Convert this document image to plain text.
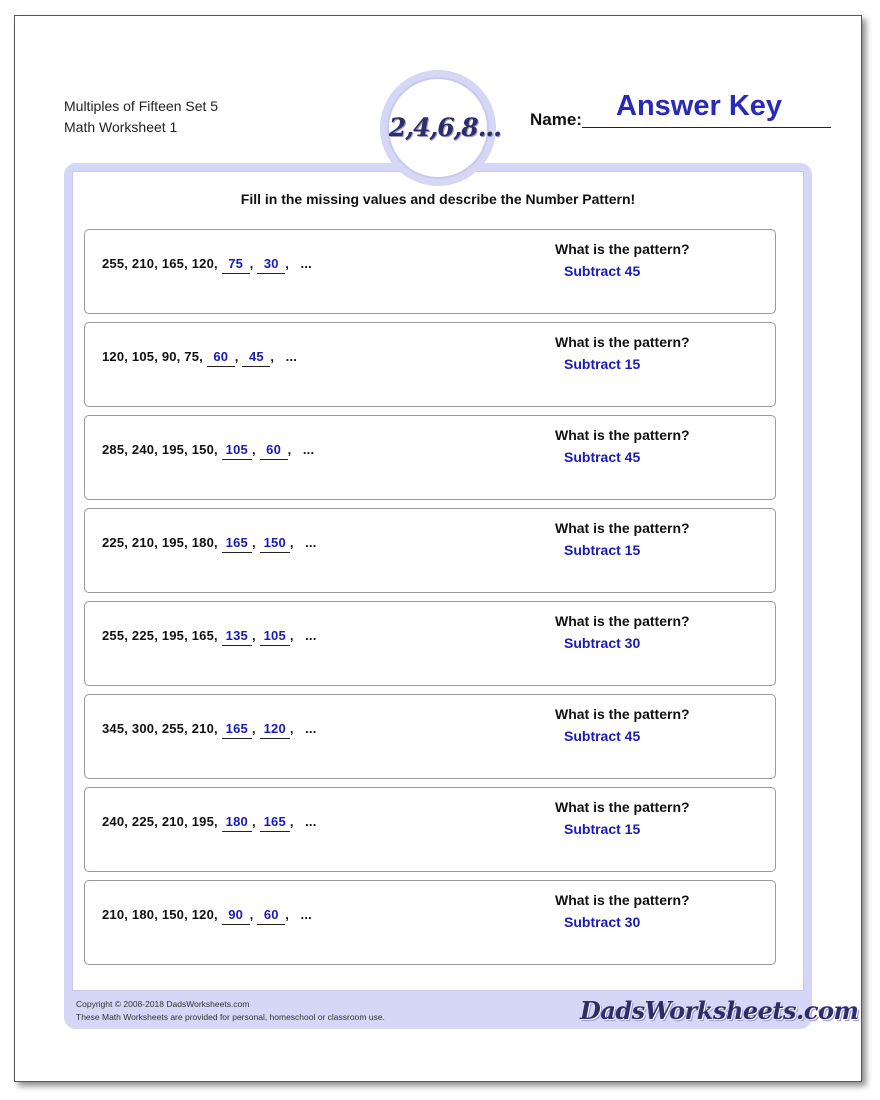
Multiples of Fifteen Set 5
Math Worksheet 1	2,4,6,8... Name: Answer Key
Fill in the missing values and describe the Number Pattern!
255, 210, 165, 120, 75 , 30 , ...
What is the pattern?
Subtract 45
120, 105, 90, 75, 60 , 45 , ...
What is the pattern?
Subtract 15
285, 240, 195, 150, 105 , 60 , ...
What is the pattern?
Subtract 45
225, 210, 195, 180, 165 , 150 , ...
What is the pattern?
Subtract 15
255, 225, 195, 165, 135 , 105 , ...
What is the pattern?
Subtract 30
345, 300, 255, 210, 165 , 120 , ...
What is the pattern?
Subtract 45
240, 225, 210, 195, 180 , 165 , ...
What is the pattern?
Subtract 15
210, 180, 150, 120, 90 , 60 , ...
What is the pattern?
Subtract 30
Copyright © 2008-2018 DadsWorksheets.com
These Math Worksheets are provided for personal, homeschool or classroom use.	DadsWorksheets.com
